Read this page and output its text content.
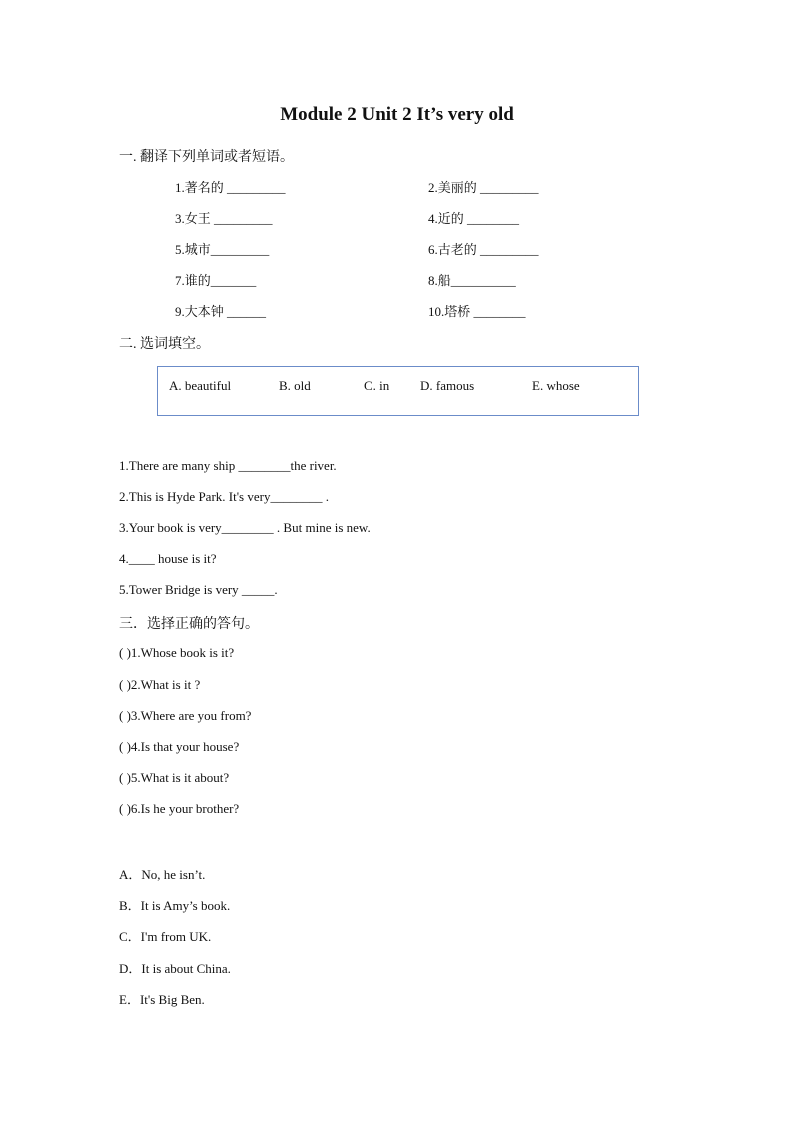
Module 2 Unit 2 It’s very old
一. 翻译下列单词或者短语。
1.著名的 _________	2.美丽的 _________
3.女王 _________	4.近的 ________
5.城市_________	6.古老的 _________
7.谁的_______	8.船__________
9.大本钟 ______	10.塔桥 ________
二. 选词填空。
A. beautiful	B. old	C. in D. famous	E. whose
1.There are many ship ________the river.
2.This is Hyde Park. It's very________ .
3.Your book is very________ . But mine is new.
4.____ house is it?
5.Tower Bridge is very _____.
三．选择正确的答句。
( )1.Whose book is it?
( )2.What is it ?
( )3.Where are you from?
( )4.Is that your house?
( )5.What is it about?
( )6.Is he your brother?
A．No, he isn’t.
B．It is Amy’s book.
C．I'm from UK.
D．It is about China.
E．It's Big Ben.
